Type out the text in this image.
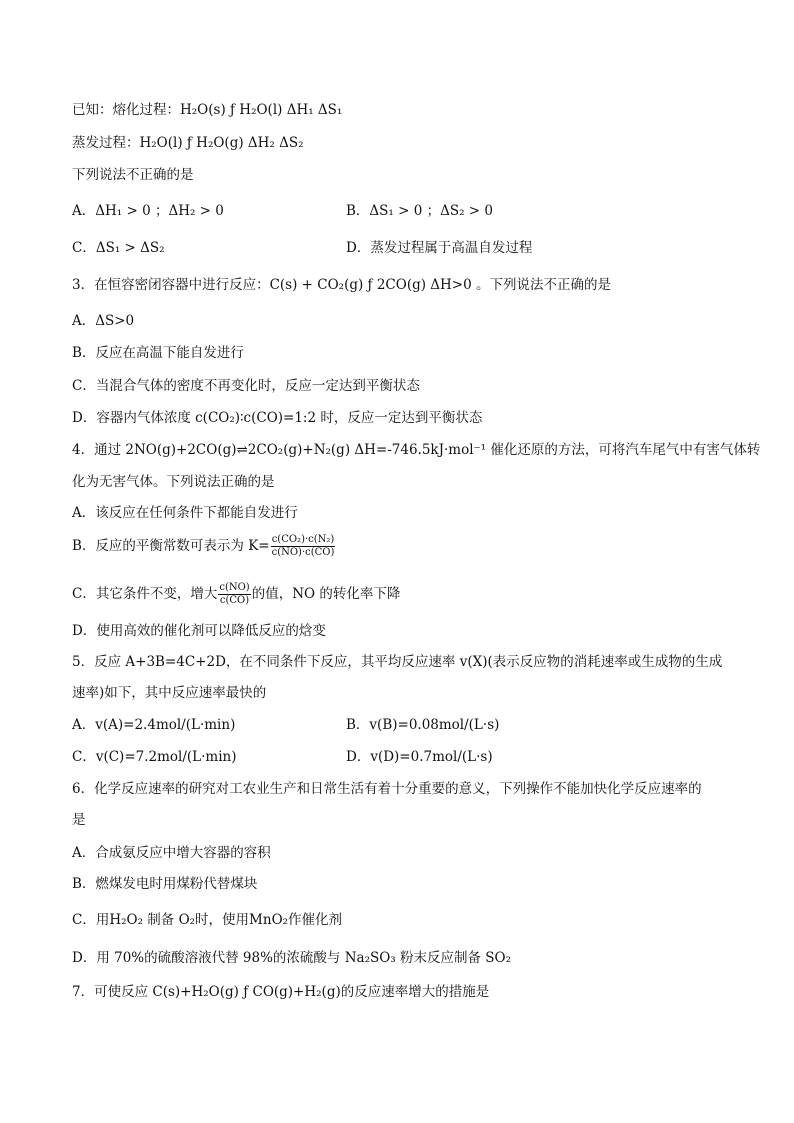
已知：熔化过程：H₂O(s) ƒ H₂O(l) ΔH₁ ΔS₁
蒸发过程：H₂O(l) ƒ H₂O(g) ΔH₂ ΔS₂
下列说法不正确的是
A．ΔH₁ > 0 ；ΔH₂ > 0	B．ΔS₁ > 0 ；ΔS₂ > 0
C．ΔS₁ > ΔS₂	D．蒸发过程属于高温自发过程
3．在恒容密闭容器中进行反应：C(s) + CO₂(g) ƒ 2CO(g) ΔH>0 。下列说法不正确的是
A．ΔS>0
B．反应在高温下能自发进行
C．当混合气体的密度不再变化时，反应一定达到平衡状态
D．容器内气体浓度 c(CO₂)∶c(CO)=1:2 时，反应一定达到平衡状态
4．通过 2NO(g)+2CO(g)⇌2CO₂(g)+N₂(g) ΔH=-746.5kJ·mol⁻¹ 催化还原的方法，可将汽车尾气中有害气体转
化为无害气体。下列说法正确的是
A．该反应在任何条件下都能自发进行
B．反应的平衡常数可表示为 $K= \frac{\text{c(CO₂)·c(N₂)}}{c(NO)\cdot c(CO)}$
C．其它条件不变，增大 $\frac{c(NO)}{c(CO)}$ 的值，NO 的转化率下降
D．使用高效的催化剂可以降低反应的焓变
5．反应 A+3B=4C+2D，在不同条件下反应，其平均反应速率 v(X)(表示反应物的消耗速率或生成物的生成
速率)如下，其中反应速率最快的
A．v(A)=2.4mol/(L·min)	B．v(B)=0.08mol/(L·s)
C．v(C)=7.2mol/(L·min)	D．v(D)=0.7mol/(L·s)
6．化学反应速率的研究对工农业生产和日常生活有着十分重要的意义，下列操作不能加快化学反应速率的
是
A．合成氨反应中增大容器的容积
B．燃煤发电时用煤粉代替煤块
C．用H₂O₂ 制备 O₂时，使用MnO₂作催化剂
D．用 70%的硫酸溶液代替 98%的浓硫酸与 Na₂SO₃ 粉末反应制备 SO₂
7．可使反应 C(s)+H₂O(g) ƒ CO(g)+H₂(g)的反应速率增大的措施是
